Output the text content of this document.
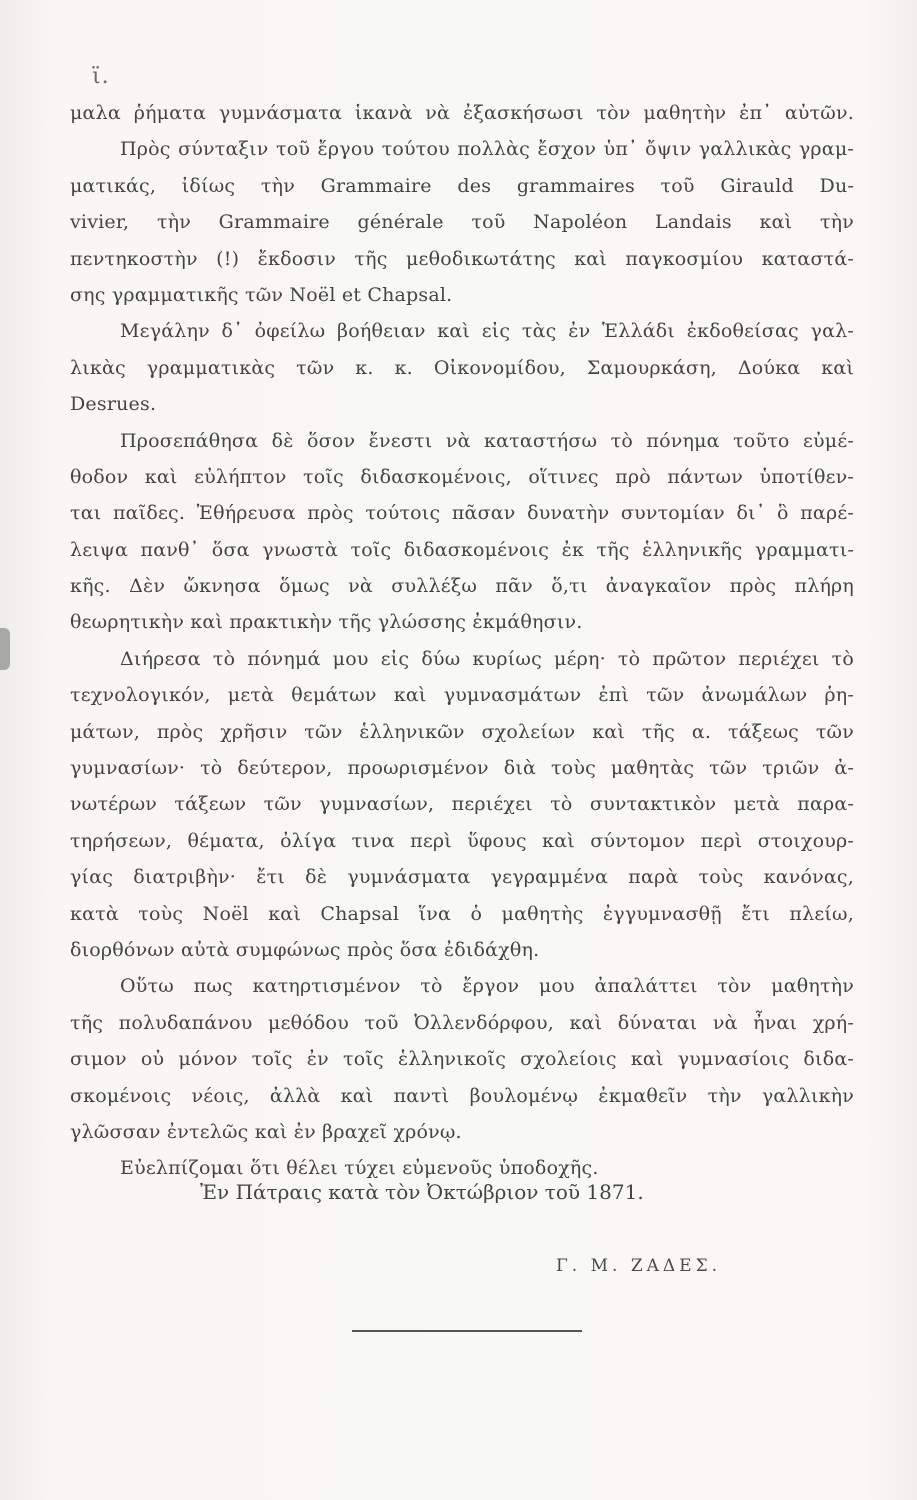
ϊ.
μαλα ῥήματα γυμνάσματα ἱκανὰ νὰ ἐξασκήσωσι τὸν μαθητὴν ἐπ᾽ αὐτῶν.
Πρὸς σύνταξιν τοῦ ἔργου τούτου πολλὰς ἔσχον ὑπ᾽ ὄψιν γαλλικὰς γραμ-
ματικάς, ἰδίως τὴν Grammaire des grammaires τοῦ Girauld Du-
vivier, τὴν Grammaire générale τοῦ Napoléon Landais καὶ τὴν
πεντηκοστὴν (!) ἔκδοσιν τῆς μεθοδικωτάτης καὶ παγκοσμίου καταστά-
σης γραμματικῆς τῶν Noël et Chapsal.
Μεγάλην δ᾽ ὀφείλω βοήθειαν καὶ εἰς τὰς ἐν Ἑλλάδι ἐκδοθείσας γαλ-
λικὰς γραμματικὰς τῶν κ. κ. Οἰκονομίδου, Σαμουρκάση, Δούκα καὶ
Desrues.
Προσεπάθησα δὲ ὅσον ἔνεστι νὰ καταστήσω τὸ πόνημα τοῦτο εὐμέ-
θοδον καὶ εὐλήπτον τοῖς διδασκομένοις, οἵτινες πρὸ πάντων ὑποτίθεν-
ται παῖδες. Ἐθήρευσα πρὸς τούτοις πᾶσαν δυνατὴν συντομίαν δι᾽ ὃ παρέ-
λειψα πανθ᾽ ὅσα γνωστὰ τοῖς διδασκομένοις ἐκ τῆς ἑλληνικῆς γραμματι-
κῆς. Δὲν ὤκνησα ὅμως νὰ συλλέξω πᾶν ὅ,τι ἀναγκαῖον πρὸς πλήρη
θεωρητικὴν καὶ πρακτικὴν τῆς γλώσσης ἐκμάθησιν.
Διήρεσα τὸ πόνημά μου εἰς δύω κυρίως μέρη· τὸ πρῶτον περιέχει τὸ
τεχνολογικόν, μετὰ θεμάτων καὶ γυμνασμάτων ἐπὶ τῶν ἀνωμάλων ῥη-
μάτων, πρὸς χρῆσιν τῶν ἑλληνικῶν σχολείων καὶ τῆς α. τάξεως τῶν
γυμνασίων· τὸ δεύτερον, προωρισμένον διὰ τοὺς μαθητὰς τῶν τριῶν ἀ-
νωτέρων τάξεων τῶν γυμνασίων, περιέχει τὸ συντακτικὸν μετὰ παρα-
τηρήσεων, θέματα, ὀλίγα τινα περὶ ὕφους καὶ σύντομον περὶ στοιχουρ-
γίας διατριβὴν· ἔτι δὲ γυμνάσματα γεγραμμένα παρὰ τοὺς κανόνας,
κατὰ τοὺς Noël καὶ Chapsal ἵνα ὁ μαθητὴς ἐγγυμνασθῇ ἔτι πλείω,
διορθόνων αὐτὰ συμφώνως πρὸς ὅσα ἐδιδάχθη.
Οὕτω πως κατηρτισμένον τὸ ἔργον μου ἀπαλάττει τὸν μαθητὴν
τῆς πολυδαπάνου μεθόδου τοῦ Ὀλλενδόρφου, καὶ δύναται νὰ ἦναι χρή-
σιμον οὐ μόνον τοῖς ἐν τοῖς ἑλληνικοῖς σχολείοις καὶ γυμνασίοις διδα-
σκομένοις νέοις, ἀλλὰ καὶ παντὶ βουλομένῳ ἐκμαθεῖν τὴν γαλλικὴν
γλῶσσαν ἐντελῶς καὶ ἐν βραχεῖ χρόνῳ.
Εὐελπίζομαι ὅτι θέλει τύχει εὐμενοῦς ὑποδοχῆς.
Ἐν Πάτραις κατὰ τὸν Ὀκτώβριον τοῦ 1871.
Γ. Μ. ΖΑΔΕΣ.
